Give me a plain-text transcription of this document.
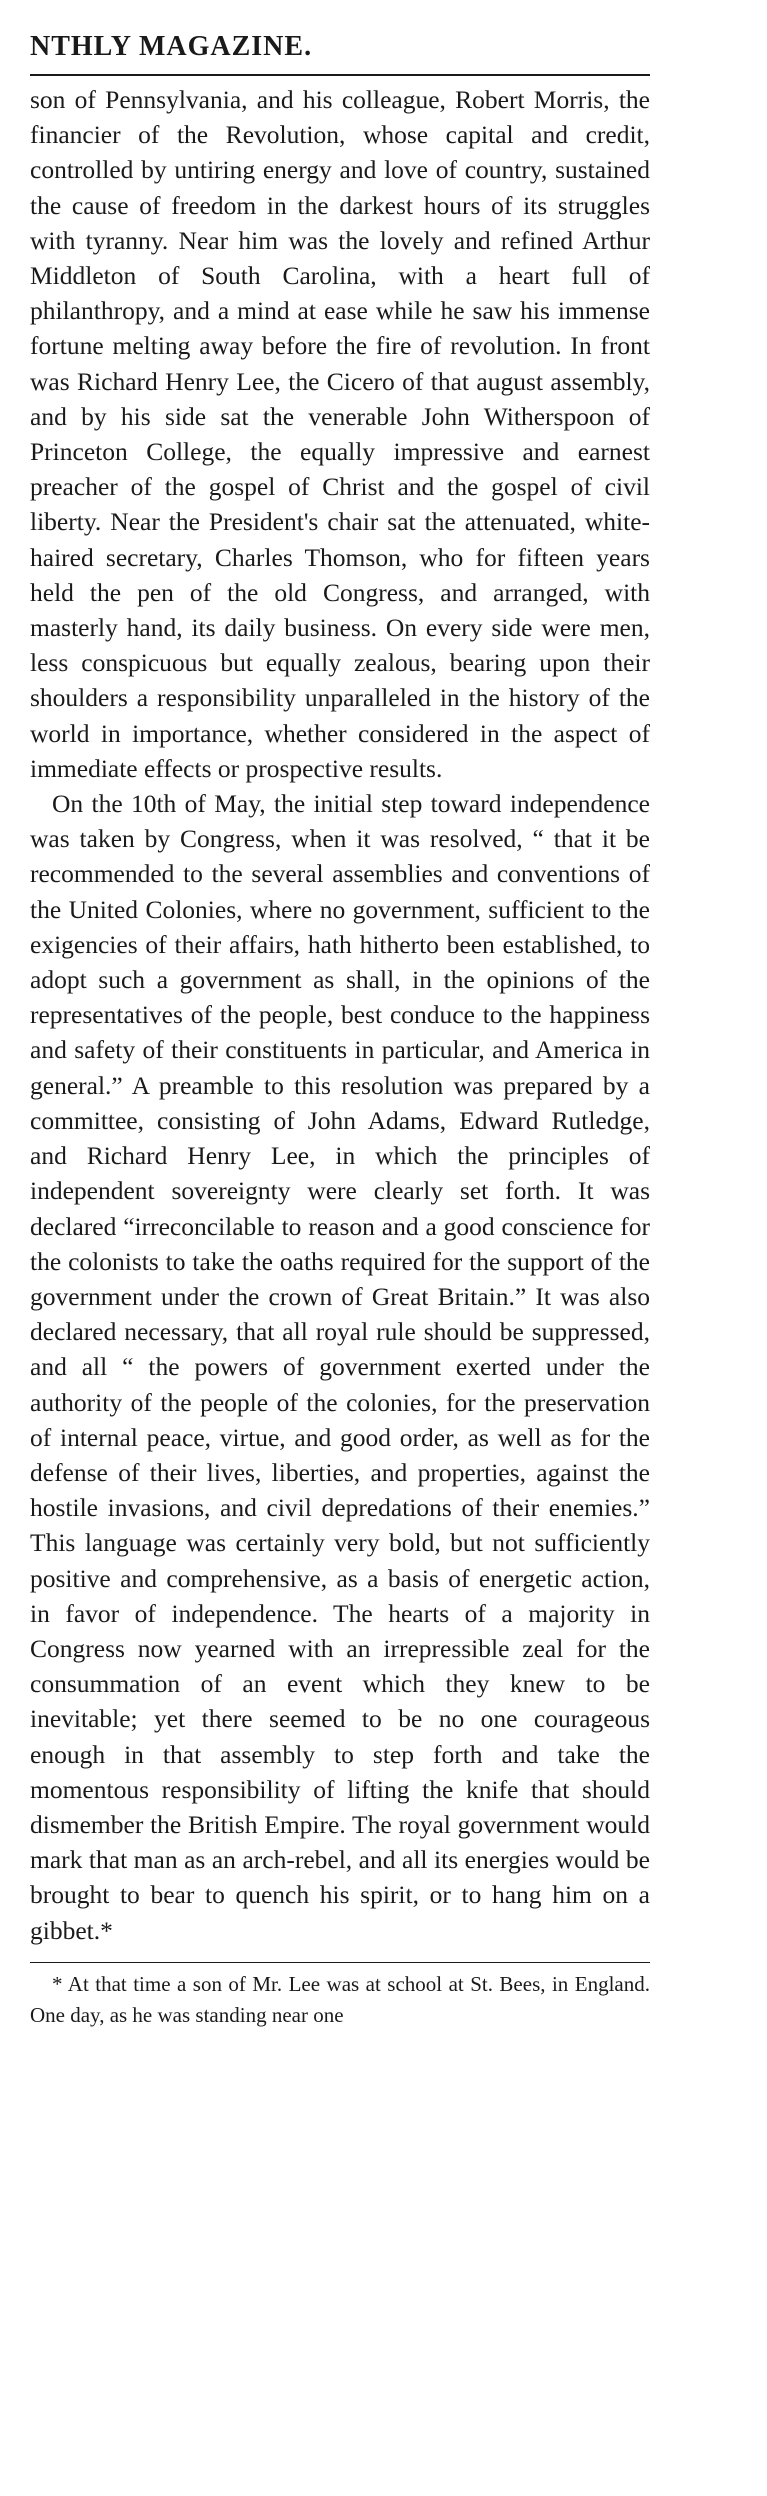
NTHLY MAGAZINE.

son of Pennsylvania, and his colleague, Robert Morris, the financier of the Revolution, whose capital and credit, controlled by untiring energy and love of country, sustained the cause of freedom in the darkest hours of its struggles with tyranny. Near him was the lovely and refined Arthur Middleton of South Carolina, with a heart full of philanthropy, and a mind at ease while he saw his immense fortune melting away before the fire of revolution. In front was Richard Henry Lee, the Cicero of that august assembly, and by his side sat the venerable John Witherspoon of Princeton College, the equally impressive and earnest preacher of the gospel of Christ and the gospel of civil liberty. Near the President's chair sat the attenuated, white-haired secretary, Charles Thomson, who for fifteen years held the pen of the old Congress, and arranged, with masterly hand, its daily business. On every side were men, less conspicuous but equally zealous, bearing upon their shoulders a responsibility unparalleled in the history of the world in importance, whether considered in the aspect of immediate effects or prospective results.

On the 10th of May, the initial step toward independence was taken by Congress, when it was resolved, “ that it be recommended to the several assemblies and conventions of the United Colonies, where no government, sufficient to the exigencies of their affairs, hath hitherto been established, to adopt such a government as shall, in the opinions of the representatives of the people, best conduce to the happiness and safety of their constituents in particular, and America in general.” A preamble to this resolution was prepared by a committee, consisting of John Adams, Edward Rutledge, and Richard Henry Lee, in which the principles of independent sovereignty were clearly set forth. It was declared “irreconcilable to reason and a good conscience for the colonists to take the oaths required for the support of the government under the crown of Great Britain.” It was also declared necessary, that all royal rule should be suppressed, and all “ the powers of government exerted under the authority of the people of the colonies, for the preservation of internal peace, virtue, and good order, as well as for the defense of their lives, liberties, and properties, against the hostile invasions, and civil depredations of their enemies.” This language was certainly very bold, but not sufficiently positive and comprehensive, as a basis of energetic action, in favor of independence. The hearts of a majority in Congress now yearned with an irrepressible zeal for the consummation of an event which they knew to be inevitable; yet there seemed to be no one courageous enough in that assembly to step forth and take the momentous responsibility of lifting the knife that should dismember the British Empire. The royal government would mark that man as an arch-rebel, and all its energies would be brought to bear to quench his spirit, or to hang him on a gibbet.*

* At that time a son of Mr. Lee was at school at St. Bees, in England. One day, as he was standing near one
